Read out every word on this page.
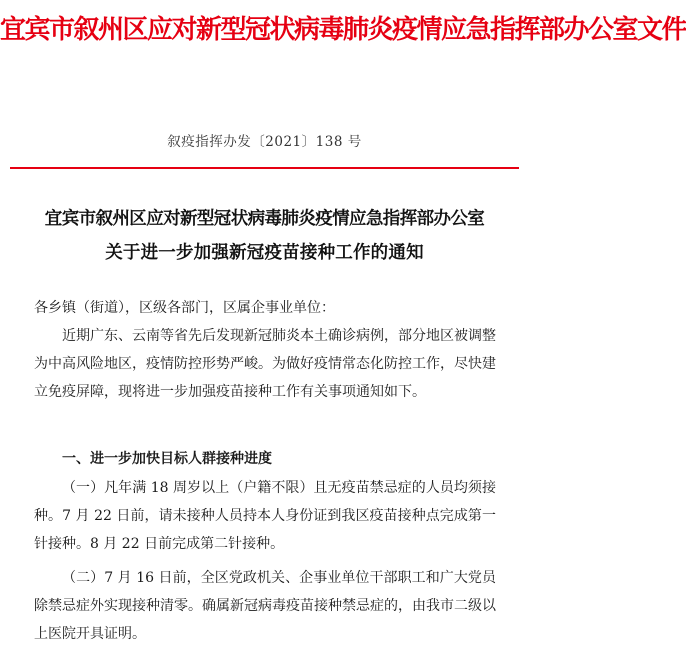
宜宾市叙州区应对新型冠状病毒肺炎疫情应急指挥部办公室文件
叙疫指挥办发〔2021〕138 号
宜宾市叙州区应对新型冠状病毒肺炎疫情应急指挥部办公室
关于进一步加强新冠疫苗接种工作的通知
各乡镇（街道），区级各部门，区属企事业单位：

近期广东、云南等省先后发现新冠肺炎本土确诊病例，部分地区被调整为中高风险地区，疫情防控形势严峻。为做好疫情常态化防控工作，尽快建立免疫屏障，现将进一步加强疫苗接种工作有关事项通知如下。

一、进一步加快目标人群接种进度

（一）凡年满 18 周岁以上（户籍不限）且无疫苗禁忌症的人员均须接种。7 月 22 日前，请未接种人员持本人身份证到我区疫苗接种点完成第一针接种。8 月 22 日前完成第二针接种。

（二）7 月 16 日前，全区党政机关、企事业单位干部职工和广大党员除禁忌症外实现接种清零。确属新冠病毒疫苗接种禁忌症的，由我市二级以上医院开具证明。
